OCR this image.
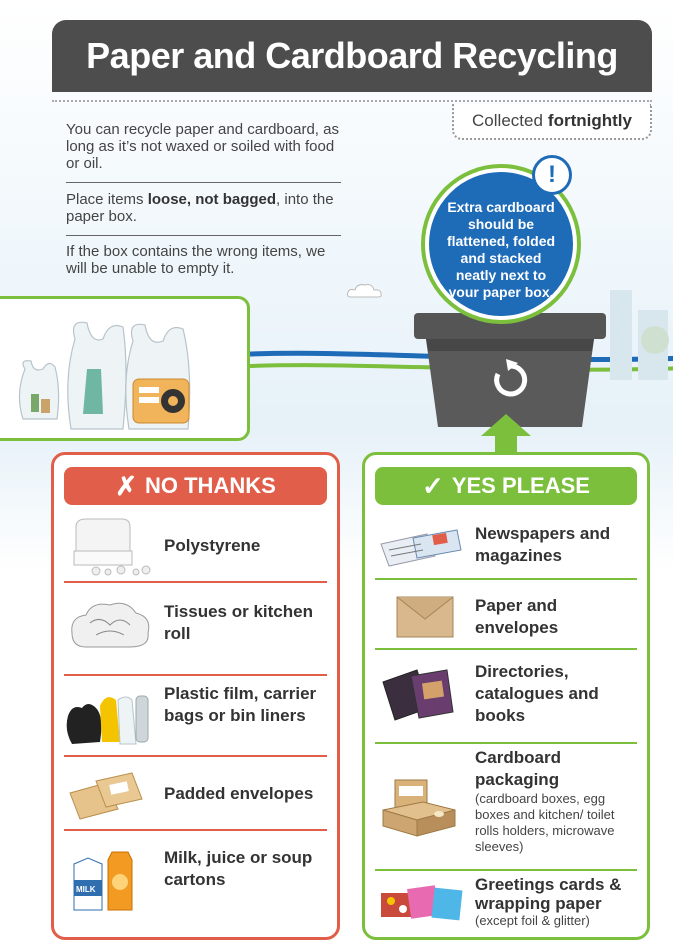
Paper and Cardboard Recycling
Collected fortnightly

You can recycle paper and cardboard, as long as it’s not waxed or soiled with food or oil.

Place items loose, not bagged, into the paper box.

If the box contains the wrong items, we will be unable to empty it.

Extra cardboard should be flattened, folded and stacked neatly next to your paper box.
!
✗ NO THANKS
Polystyrene
Tissues or kitchen roll
Plastic film, carrier bags or bin liners
Padded envelopes
MILK
Milk, juice or soup cartons
✓ YES PLEASE
Newspapers and magazines
Paper and envelopes
Directories, catalogues and books
Cardboard packaging
(cardboard boxes, egg boxes and kitchen/ toilet rolls holders, microwave sleeves)
Greetings cards & wrapping paper
(except foil & glitter)
